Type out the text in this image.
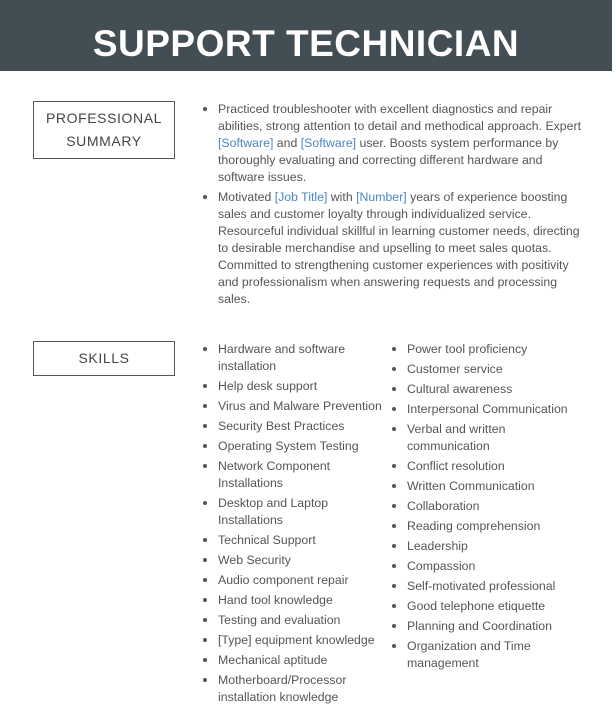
SUPPORT TECHNICIAN
PROFESSIONAL SUMMARY
Practiced troubleshooter with excellent diagnostics and repair abilities, strong attention to detail and methodical approach. Expert [Software] and [Software] user. Boosts system performance by thoroughly evaluating and correcting different hardware and software issues.
Motivated [Job Title] with [Number] years of experience boosting sales and customer loyalty through individualized service. Resourceful individual skillful in learning customer needs, directing to desirable merchandise and upselling to meet sales quotas. Committed to strengthening customer experiences with positivity and professionalism when answering requests and processing sales.
SKILLS
Hardware and software installation
Help desk support
Virus and Malware Prevention
Security Best Practices
Operating System Testing
Network Component Installations
Desktop and Laptop Installations
Technical Support
Web Security
Audio component repair
Hand tool knowledge
Testing and evaluation
[Type] equipment knowledge
Mechanical aptitude
Motherboard/Processor installation knowledge
Power tool proficiency
Customer service
Cultural awareness
Interpersonal Communication
Verbal and written communication
Conflict resolution
Written Communication
Collaboration
Reading comprehension
Leadership
Compassion
Self-motivated professional
Good telephone etiquette
Planning and Coordination
Organization and Time management
